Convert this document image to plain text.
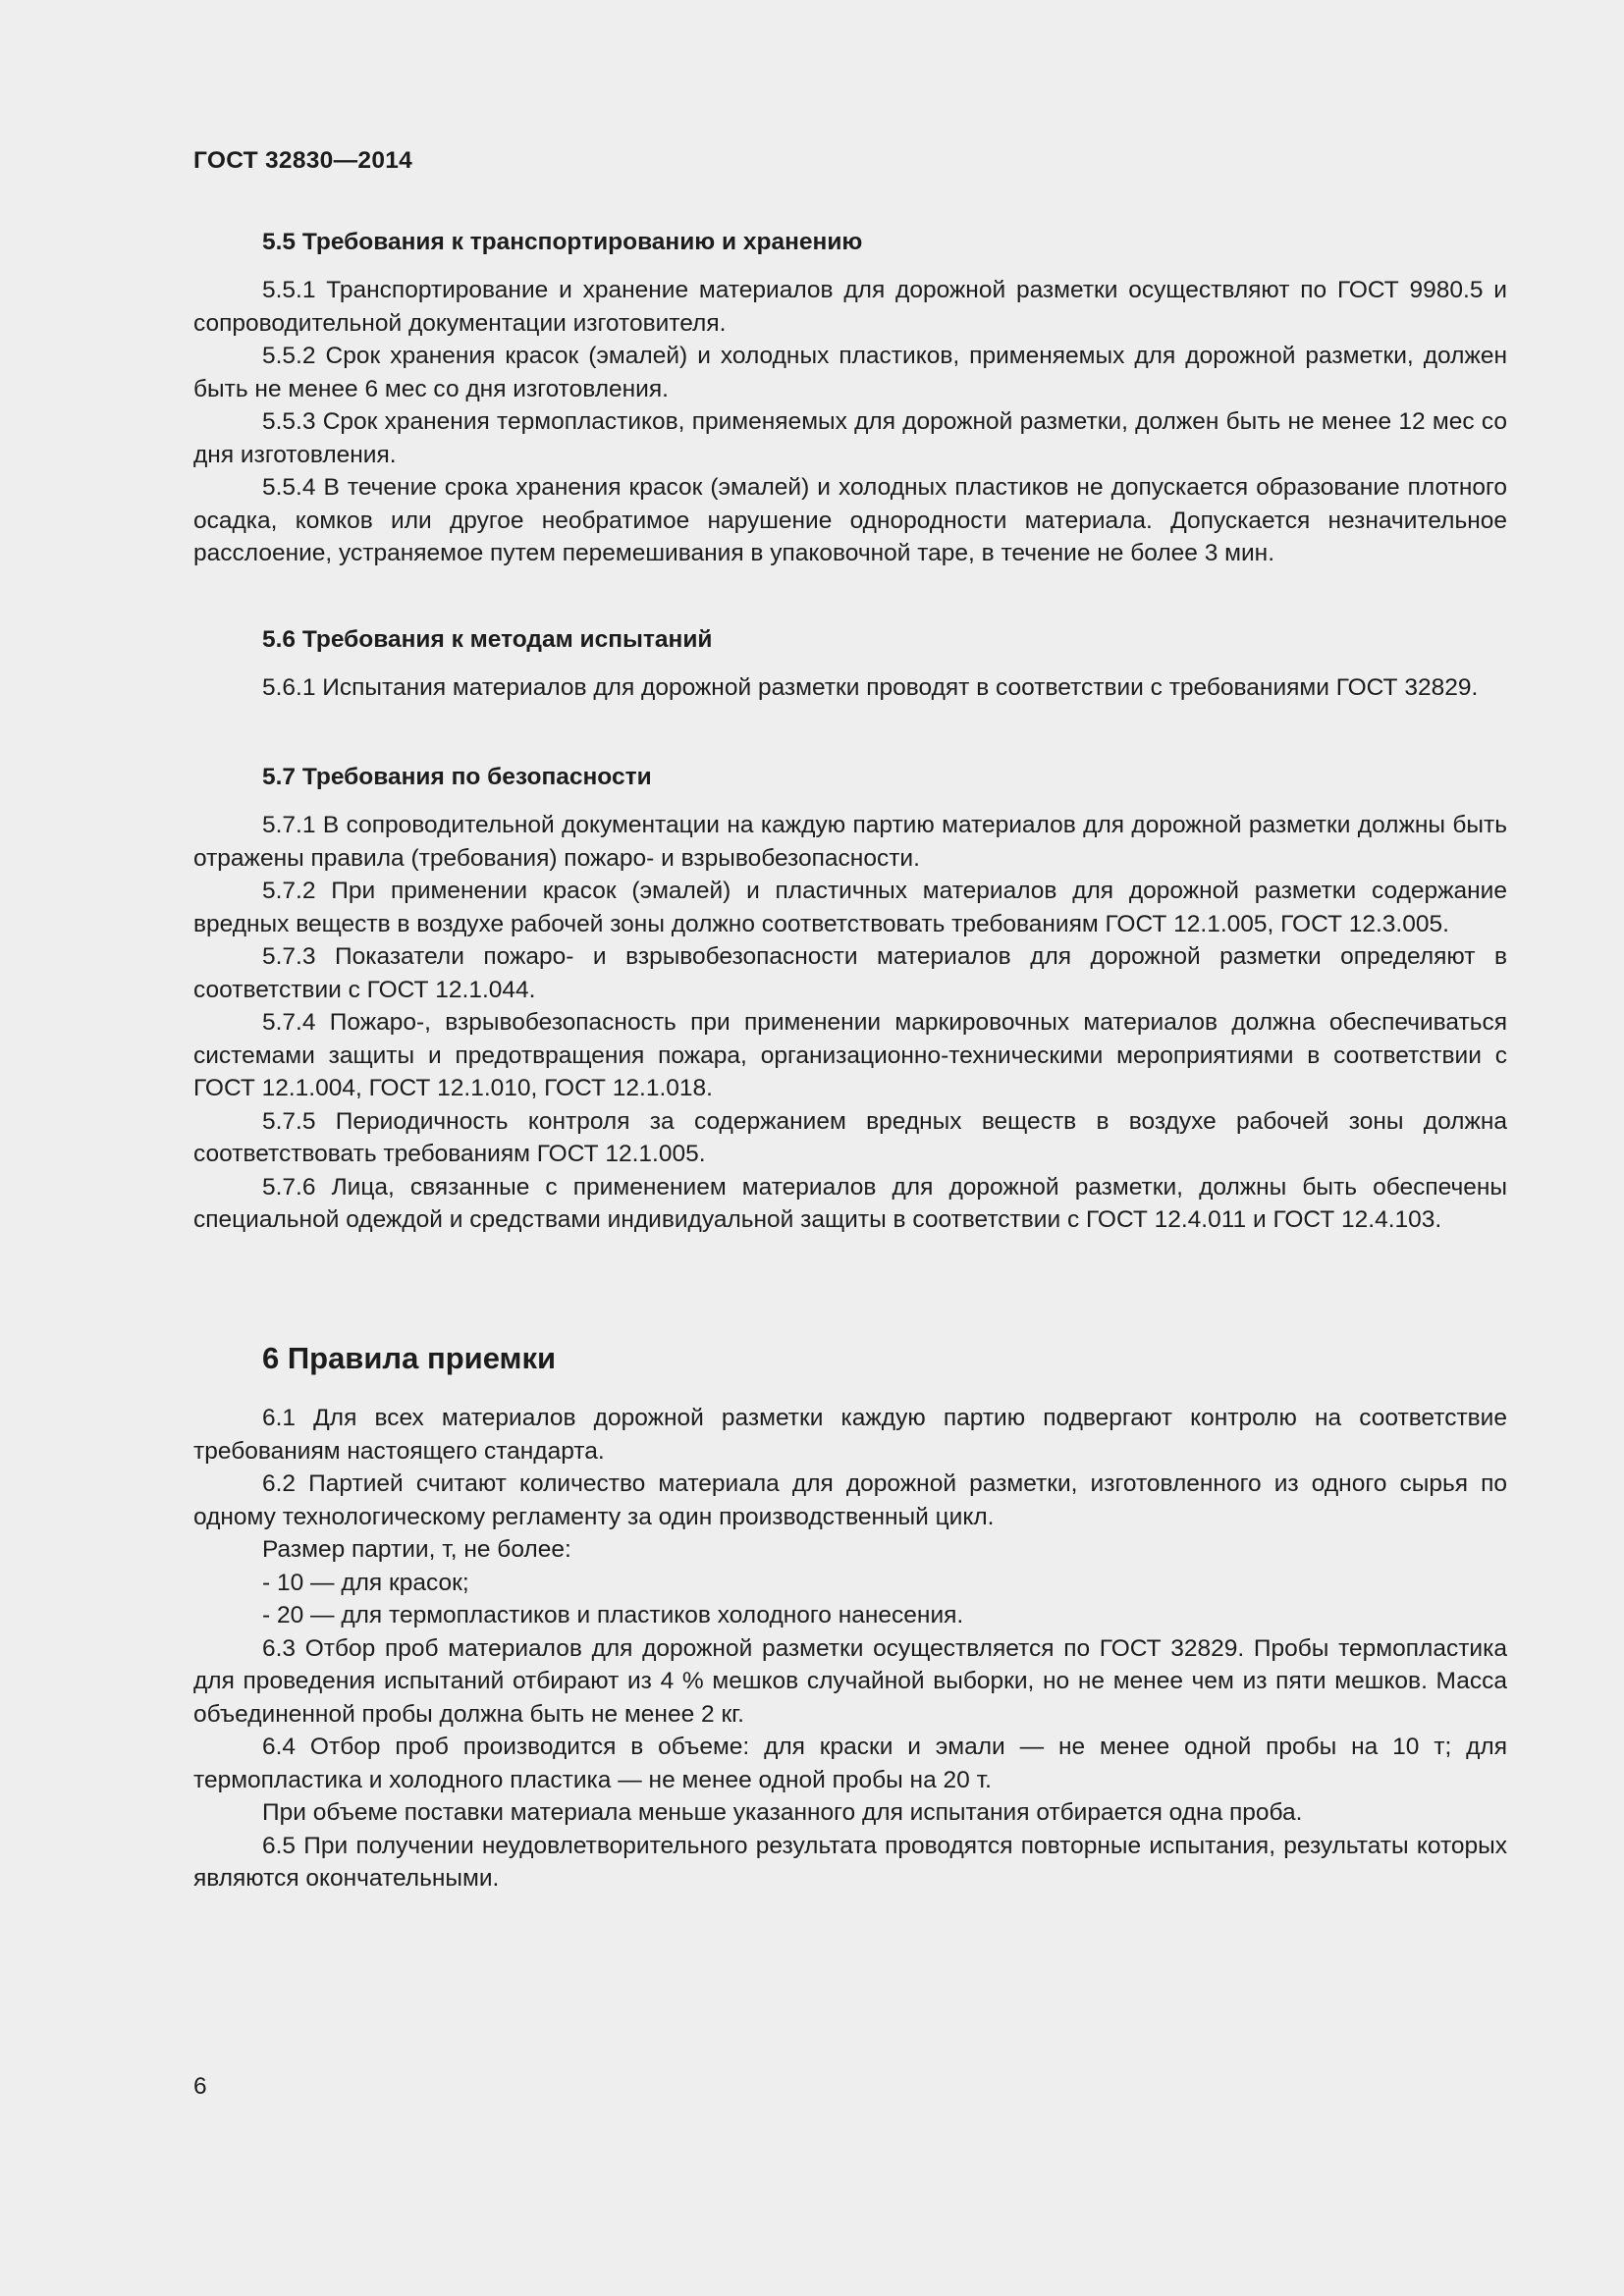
ГОСТ 32830—2014
5.5 Требования к транспортированию и хранению

5.5.1 Транспортирование и хранение материалов для дорожной разметки осуществляют по ГОСТ 9980.5 и сопроводительной документации изготовителя.

5.5.2 Срок хранения красок (эмалей) и холодных пластиков, применяемых для дорожной разметки, должен быть не менее 6 мес со дня изготовления.

5.5.3 Срок хранения термопластиков, применяемых для дорожной разметки, должен быть не менее 12 мес со дня изготовления.

5.5.4 В течение срока хранения красок (эмалей) и холодных пластиков не допускается образование плотного осадка, комков или другое необратимое нарушение однородности материала. Допускается незначительное расслоение, устраняемое путем перемешивания в упаковочной таре, в течение не более 3 мин.

5.6 Требования к методам испытаний

5.6.1 Испытания материалов для дорожной разметки проводят в соответствии с требованиями ГОСТ 32829.

5.7 Требования по безопасности

5.7.1 В сопроводительной документации на каждую партию материалов для дорожной разметки должны быть отражены правила (требования) пожаро- и взрывобезопасности.

5.7.2 При применении красок (эмалей) и пластичных материалов для дорожной разметки содержание вредных веществ в воздухе рабочей зоны должно соответствовать требованиям ГОСТ 12.1.005, ГОСТ 12.3.005.

5.7.3 Показатели пожаро- и взрывобезопасности материалов для дорожной разметки определяют в соответствии с ГОСТ 12.1.044.

5.7.4 Пожаро-, взрывобезопасность при применении маркировочных материалов должна обеспечиваться системами защиты и предотвращения пожара, организационно-техническими мероприятиями в соответствии с ГОСТ 12.1.004, ГОСТ 12.1.010, ГОСТ 12.1.018.

5.7.5 Периодичность контроля за содержанием вредных веществ в воздухе рабочей зоны должна соответствовать требованиям ГОСТ 12.1.005.

5.7.6 Лица, связанные с применением материалов для дорожной разметки, должны быть обеспечены специальной одеждой и средствами индивидуальной защиты в соответствии с ГОСТ 12.4.011 и ГОСТ 12.4.103.

6 Правила приемки

6.1 Для всех материалов дорожной разметки каждую партию подвергают контролю на соответствие требованиям настоящего стандарта.

6.2 Партией считают количество материала для дорожной разметки, изготовленного из одного сырья по одному технологическому регламенту за один производственный цикл.

Размер партии, т, не более:

- 10 — для красок;

- 20 — для термопластиков и пластиков холодного нанесения.

6.3 Отбор проб материалов для дорожной разметки осуществляется по ГОСТ 32829. Пробы термопластика для проведения испытаний отбирают из 4 % мешков случайной выборки, но не менее чем из пяти мешков. Масса объединенной пробы должна быть не менее 2 кг.

6.4 Отбор проб производится в объеме: для краски и эмали — не менее одной пробы на 10 т; для термопластика и холодного пластика — не менее одной пробы на 20 т.

При объеме поставки материала меньше указанного для испытания отбирается одна проба.

6.5 При получении неудовлетворительного результата проводятся повторные испытания, результаты которых являются окончательными.

6
